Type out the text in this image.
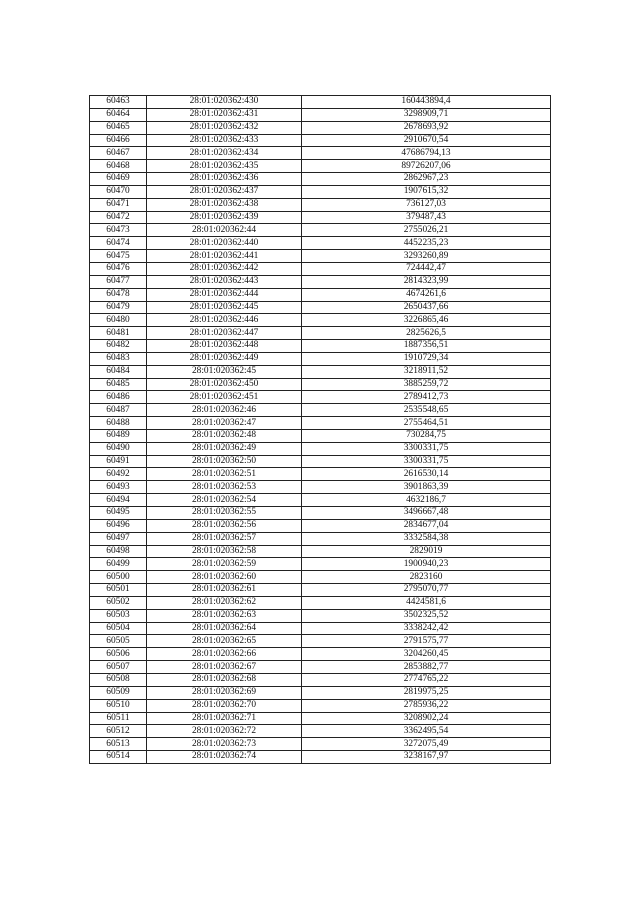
60463	28:01:020362:430	160443894,4
60464	28:01:020362:431	3298909,71
60465	28:01:020362:432	2678693,92
60466	28:01:020362:433	2910670,54
60467	28:01:020362:434	47686794,13
60468	28:01:020362:435	89726207,06
60469	28:01:020362:436	2862967,23
60470	28:01:020362:437	1907615,32
60471	28:01:020362:438	736127,03
60472	28:01:020362:439	379487,43
60473	28:01:020362:44	2755026,21
60474	28:01:020362:440	4452235,23
60475	28:01:020362:441	3293260,89
60476	28:01:020362:442	724442,47
60477	28:01:020362:443	2814323,99
60478	28:01:020362:444	4674261,6
60479	28:01:020362:445	2650437,66
60480	28:01:020362:446	3226865,46
60481	28:01:020362:447	2825626,5
60482	28:01:020362:448	1887356,51
60483	28:01:020362:449	1910729,34
60484	28:01:020362:45	3218911,52
60485	28:01:020362:450	3885259,72
60486	28:01:020362:451	2789412,73
60487	28:01:020362:46	2535548,65
60488	28:01:020362:47	2755464,51
60489	28:01:020362:48	730284,75
60490	28:01:020362:49	3300331,75
60491	28:01:020362:50	3300331,75
60492	28:01:020362:51	2616530,14
60493	28:01:020362:53	3901863,39
60494	28:01:020362:54	4632186,7
60495	28:01:020362:55	3496667,48
60496	28:01:020362:56	2834677,04
60497	28:01:020362:57	3332584,38
60498	28:01:020362:58	2829019
60499	28:01:020362:59	1900940,23
60500	28:01:020362:60	2823160
60501	28:01:020362:61	2795070,77
60502	28:01:020362:62	4424581,6
60503	28:01:020362:63	3502325,52
60504	28:01:020362:64	3338242,42
60505	28:01:020362:65	2791575,77
60506	28:01:020362:66	3204260,45
60507	28:01:020362:67	2853882,77
60508	28:01:020362:68	2774765,22
60509	28:01:020362:69	2819975,25
60510	28:01:020362:70	2785936,22
60511	28:01:020362:71	3208902,24
60512	28:01:020362:72	3362495,54
60513	28:01:020362:73	3272075,49
60514	28:01:020362:74	3238167,97
